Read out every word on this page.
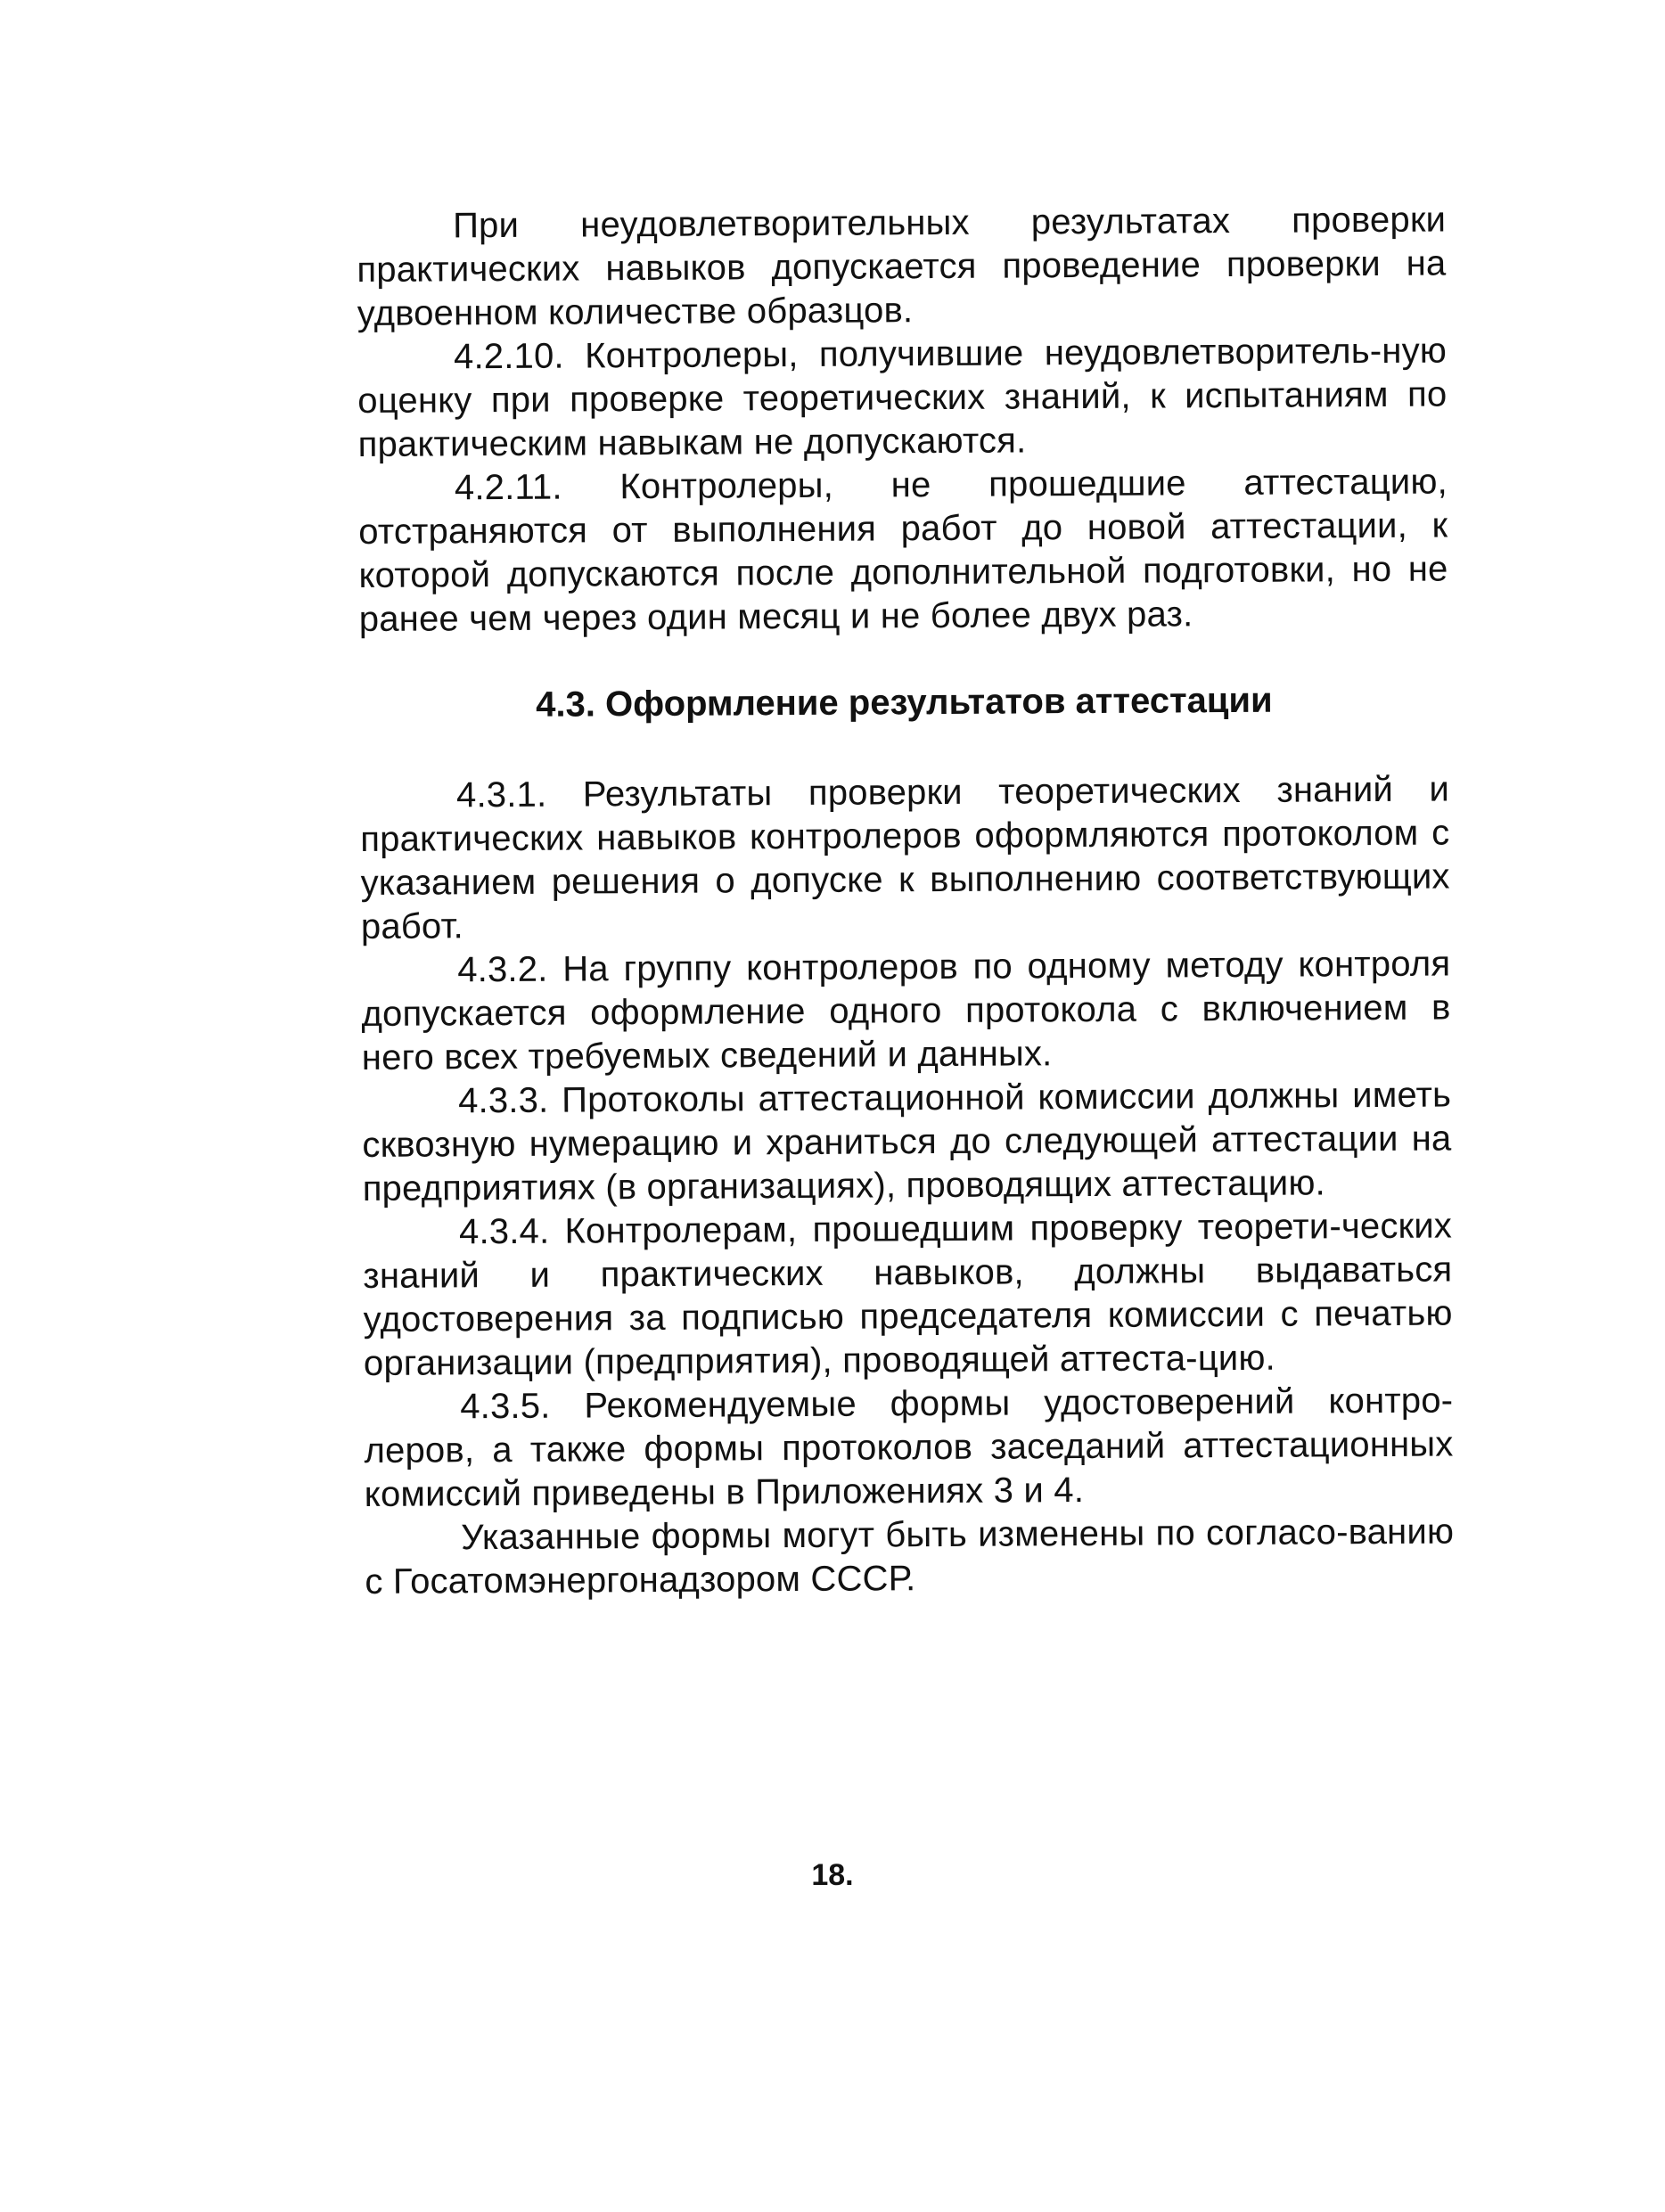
При неудовлетворительных результатах проверки практических навыков допускается проведение проверки на удвоенном количестве образцов.

4.2.10. Контролеры, получившие неудовлетворитель-ную оценку при проверке теоретических знаний, к испытаниям по практическим навыкам не допускаются.

4.2.11. Контролеры, не прошедшие аттестацию, отстраняются от выполнения работ до новой аттестации, к которой допускаются после дополнительной подготовки, но не ранее чем через один месяц и не более двух раз.

4.3. Оформление результатов аттестации

4.3.1. Результаты проверки теоретических знаний и практических навыков контролеров оформляются протоколом с указанием решения о допуске к выполнению соответствующих работ.

4.3.2. На группу контролеров по одному методу контроля допускается оформление одного протокола с включением в него всех требуемых сведений и данных.

4.3.3. Протоколы аттестационной комиссии должны иметь сквозную нумерацию и храниться до следующей аттестации на предприятиях (в организациях), проводящих аттестацию.

4.3.4. Контролерам, прошедшим проверку теорети-ческих знаний и практических навыков, должны выдаваться удостоверения за подписью председателя комиссии с печатью организации (предприятия), проводящей аттеста-цию.

4.3.5. Рекомендуемые формы удостоверений контро-леров, а также формы протоколов заседаний аттестационных комиссий приведены в Приложениях 3 и 4.

Указанные формы могут быть изменены по согласо-ванию с Госатомэнергонадзором СССР.

18.
